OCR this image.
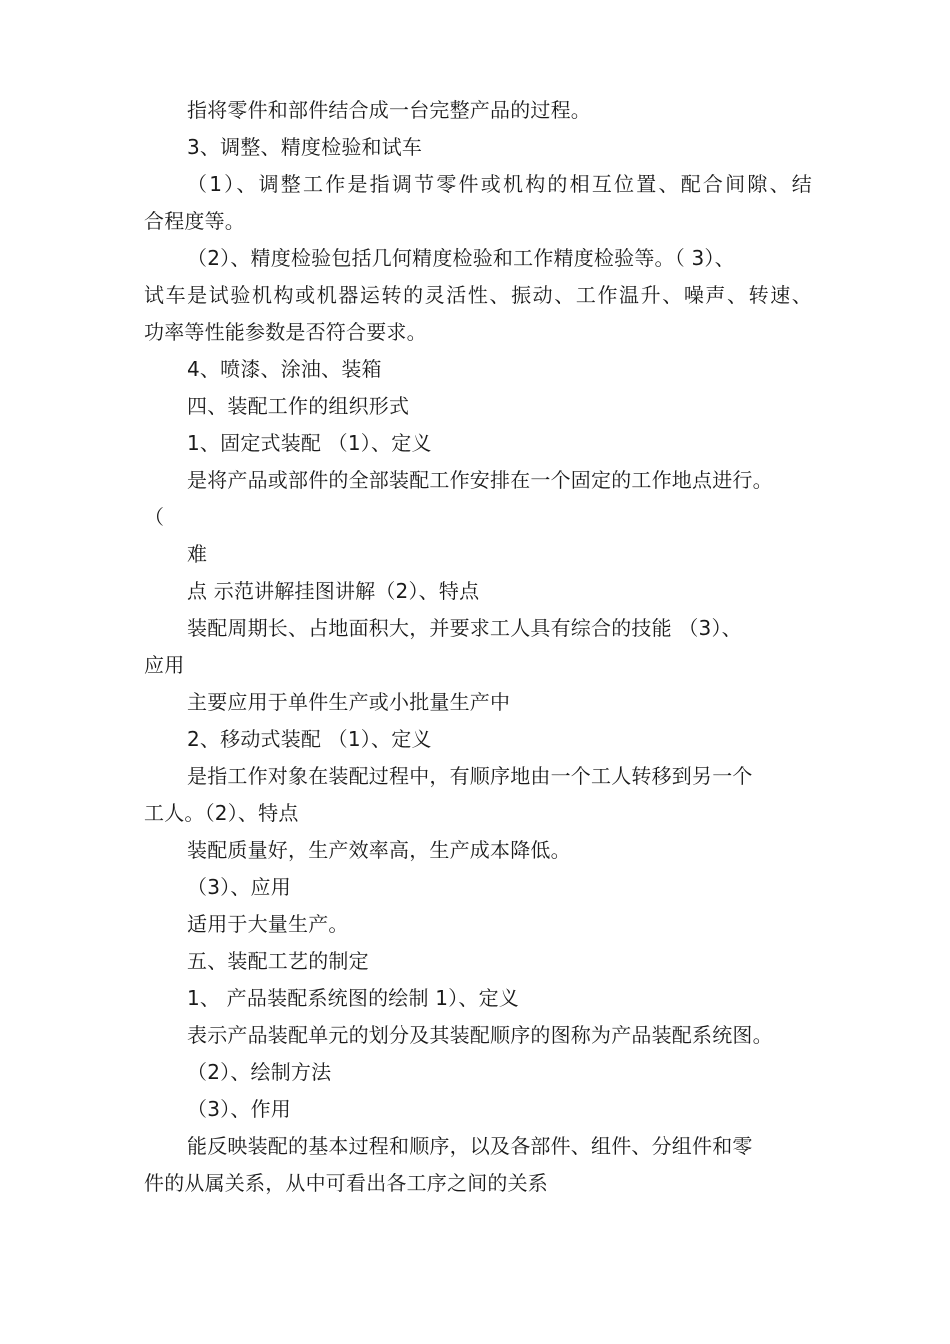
指将零件和部件结合成一台完整产品的过程。
3、调整、精度检验和试车
（1）、调整工作是指调节零件或机构的相互位置、配合间隙、结
合程度等。
（2）、精度检验包括几何精度检验和工作精度检验等。（ 3）、
试车是试验机构或机器运转的灵活性、振动、工作温升、噪声、转速、
功率等性能参数是否符合要求。
4、喷漆、涂油、装箱
四、装配工作的组织形式
1、固定式装配 （1）、定义
是将产品或部件的全部装配工作安排在一个固定的工作地点进行。
（
难
点 示范讲解挂图讲解（2）、特点
装配周期长、占地面积大，并要求工人具有综合的技能 （3）、
应用
主要应用于单件生产或小批量生产中
2、移动式装配 （1）、定义
是指工作对象在装配过程中，有顺序地由一个工人转移到另一个
工人。（2）、特点
装配质量好，生产效率高，生产成本降低。
（3）、应用
适用于大量生产。
五、装配工艺的制定
1、 产品装配系统图的绘制 1）、定义
表示产品装配单元的划分及其装配顺序的图称为产品装配系统图。
（2）、绘制方法
（3）、作用
能反映装配的基本过程和顺序，以及各部件、组件、分组件和零
件的从属关系，从中可看出各工序之间的关系
